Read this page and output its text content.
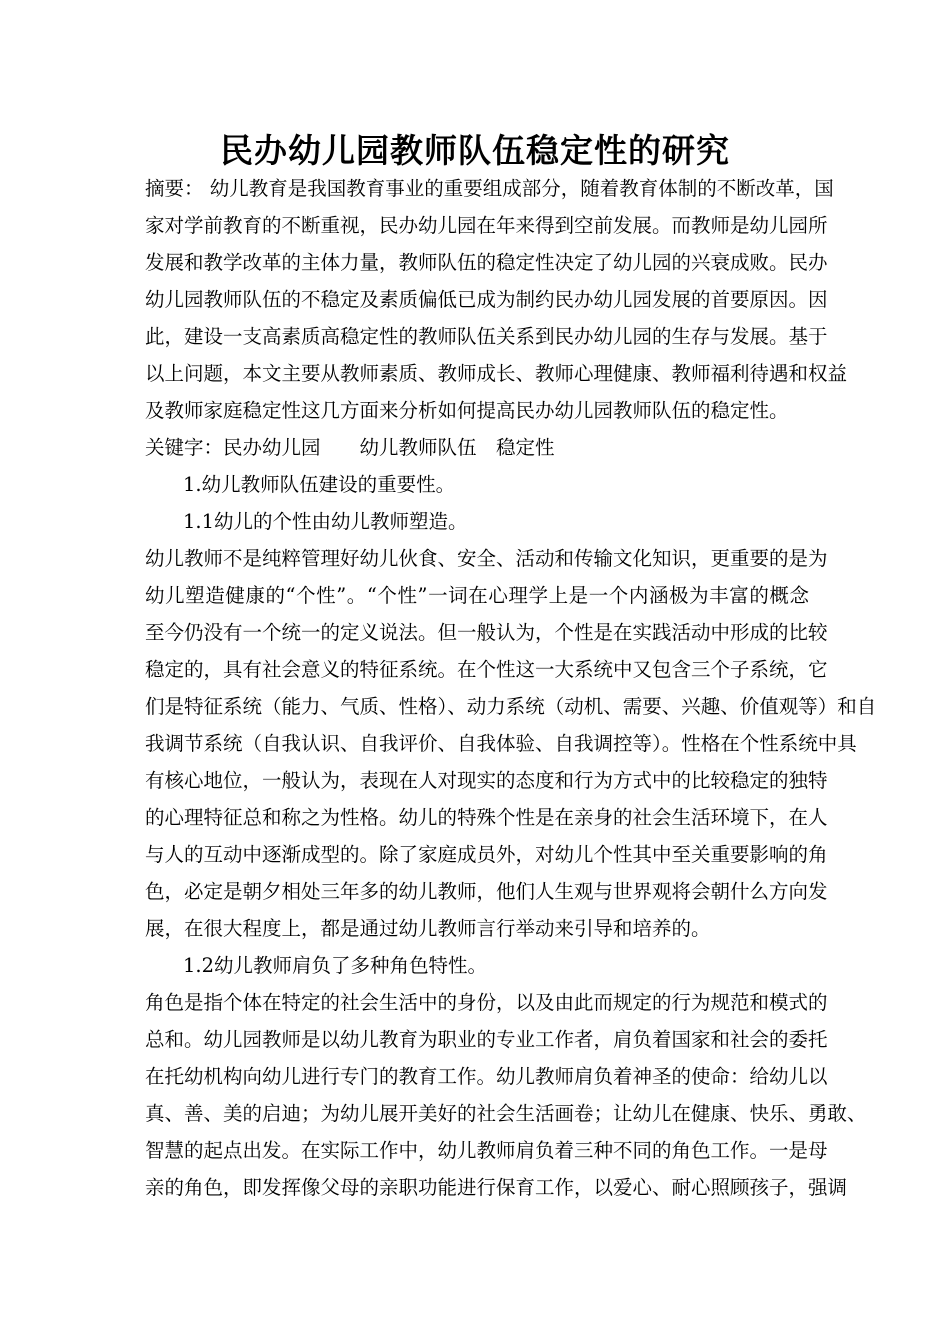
民办幼儿园教师队伍稳定性的研究
摘要： 幼儿教育是我国教育事业的重要组成部分，随着教育体制的不断改革，国
家对学前教育的不断重视，民办幼儿园在年来得到空前发展。而教师是幼儿园所
发展和教学改革的主体力量，教师队伍的稳定性决定了幼儿园的兴衰成败。民办
幼儿园教师队伍的不稳定及素质偏低已成为制约民办幼儿园发展的首要原因。因
此，建设一支高素质高稳定性的教师队伍关系到民办幼儿园的生存与发展。基于
以上问题，本文主要从教师素质、教师成长、教师心理健康、教师福利待遇和权益
及教师家庭稳定性这几方面来分析如何提高民办幼儿园教师队伍的稳定性。
关键字：民办幼儿园　　幼儿教师队伍　稳定性
1.幼儿教师队伍建设的重要性。
1.1幼儿的个性由幼儿教师塑造。
幼儿教师不是纯粹管理好幼儿伙食、安全、活动和传输文化知识，更重要的是为
幼儿塑造健康的“个性”。“个性”一词在心理学上是一个内涵极为丰富的概念
至今仍没有一个统一的定义说法。但一般认为，个性是在实践活动中形成的比较
稳定的，具有社会意义的特征系统。在个性这一大系统中又包含三个子系统，它
们是特征系统（能力、气质、性格）、动力系统（动机、需要、兴趣、价值观等）和自
我调节系统（自我认识、自我评价、自我体验、自我调控等）。性格在个性系统中具
有核心地位，一般认为，表现在人对现实的态度和行为方式中的比较稳定的独特
的心理特征总和称之为性格。幼儿的特殊个性是在亲身的社会生活环境下，在人
与人的互动中逐渐成型的。除了家庭成员外，对幼儿个性其中至关重要影响的角
色，必定是朝夕相处三年多的幼儿教师，他们人生观与世界观将会朝什么方向发
展，在很大程度上，都是通过幼儿教师言行举动来引导和培养的。
1.2幼儿教师肩负了多种角色特性。
角色是指个体在特定的社会生活中的身份，以及由此而规定的行为规范和模式的
总和。幼儿园教师是以幼儿教育为职业的专业工作者，肩负着国家和社会的委托
在托幼机构向幼儿进行专门的教育工作。幼儿教师肩负着神圣的使命：给幼儿以
真、善、美的启迪；为幼儿展开美好的社会生活画卷；让幼儿在健康、快乐、勇敢、
智慧的起点出发。在实际工作中，幼儿教师肩负着三种不同的角色工作。一是母
亲的角色，即发挥像父母的亲职功能进行保育工作，以爱心、耐心照顾孩子，强调
